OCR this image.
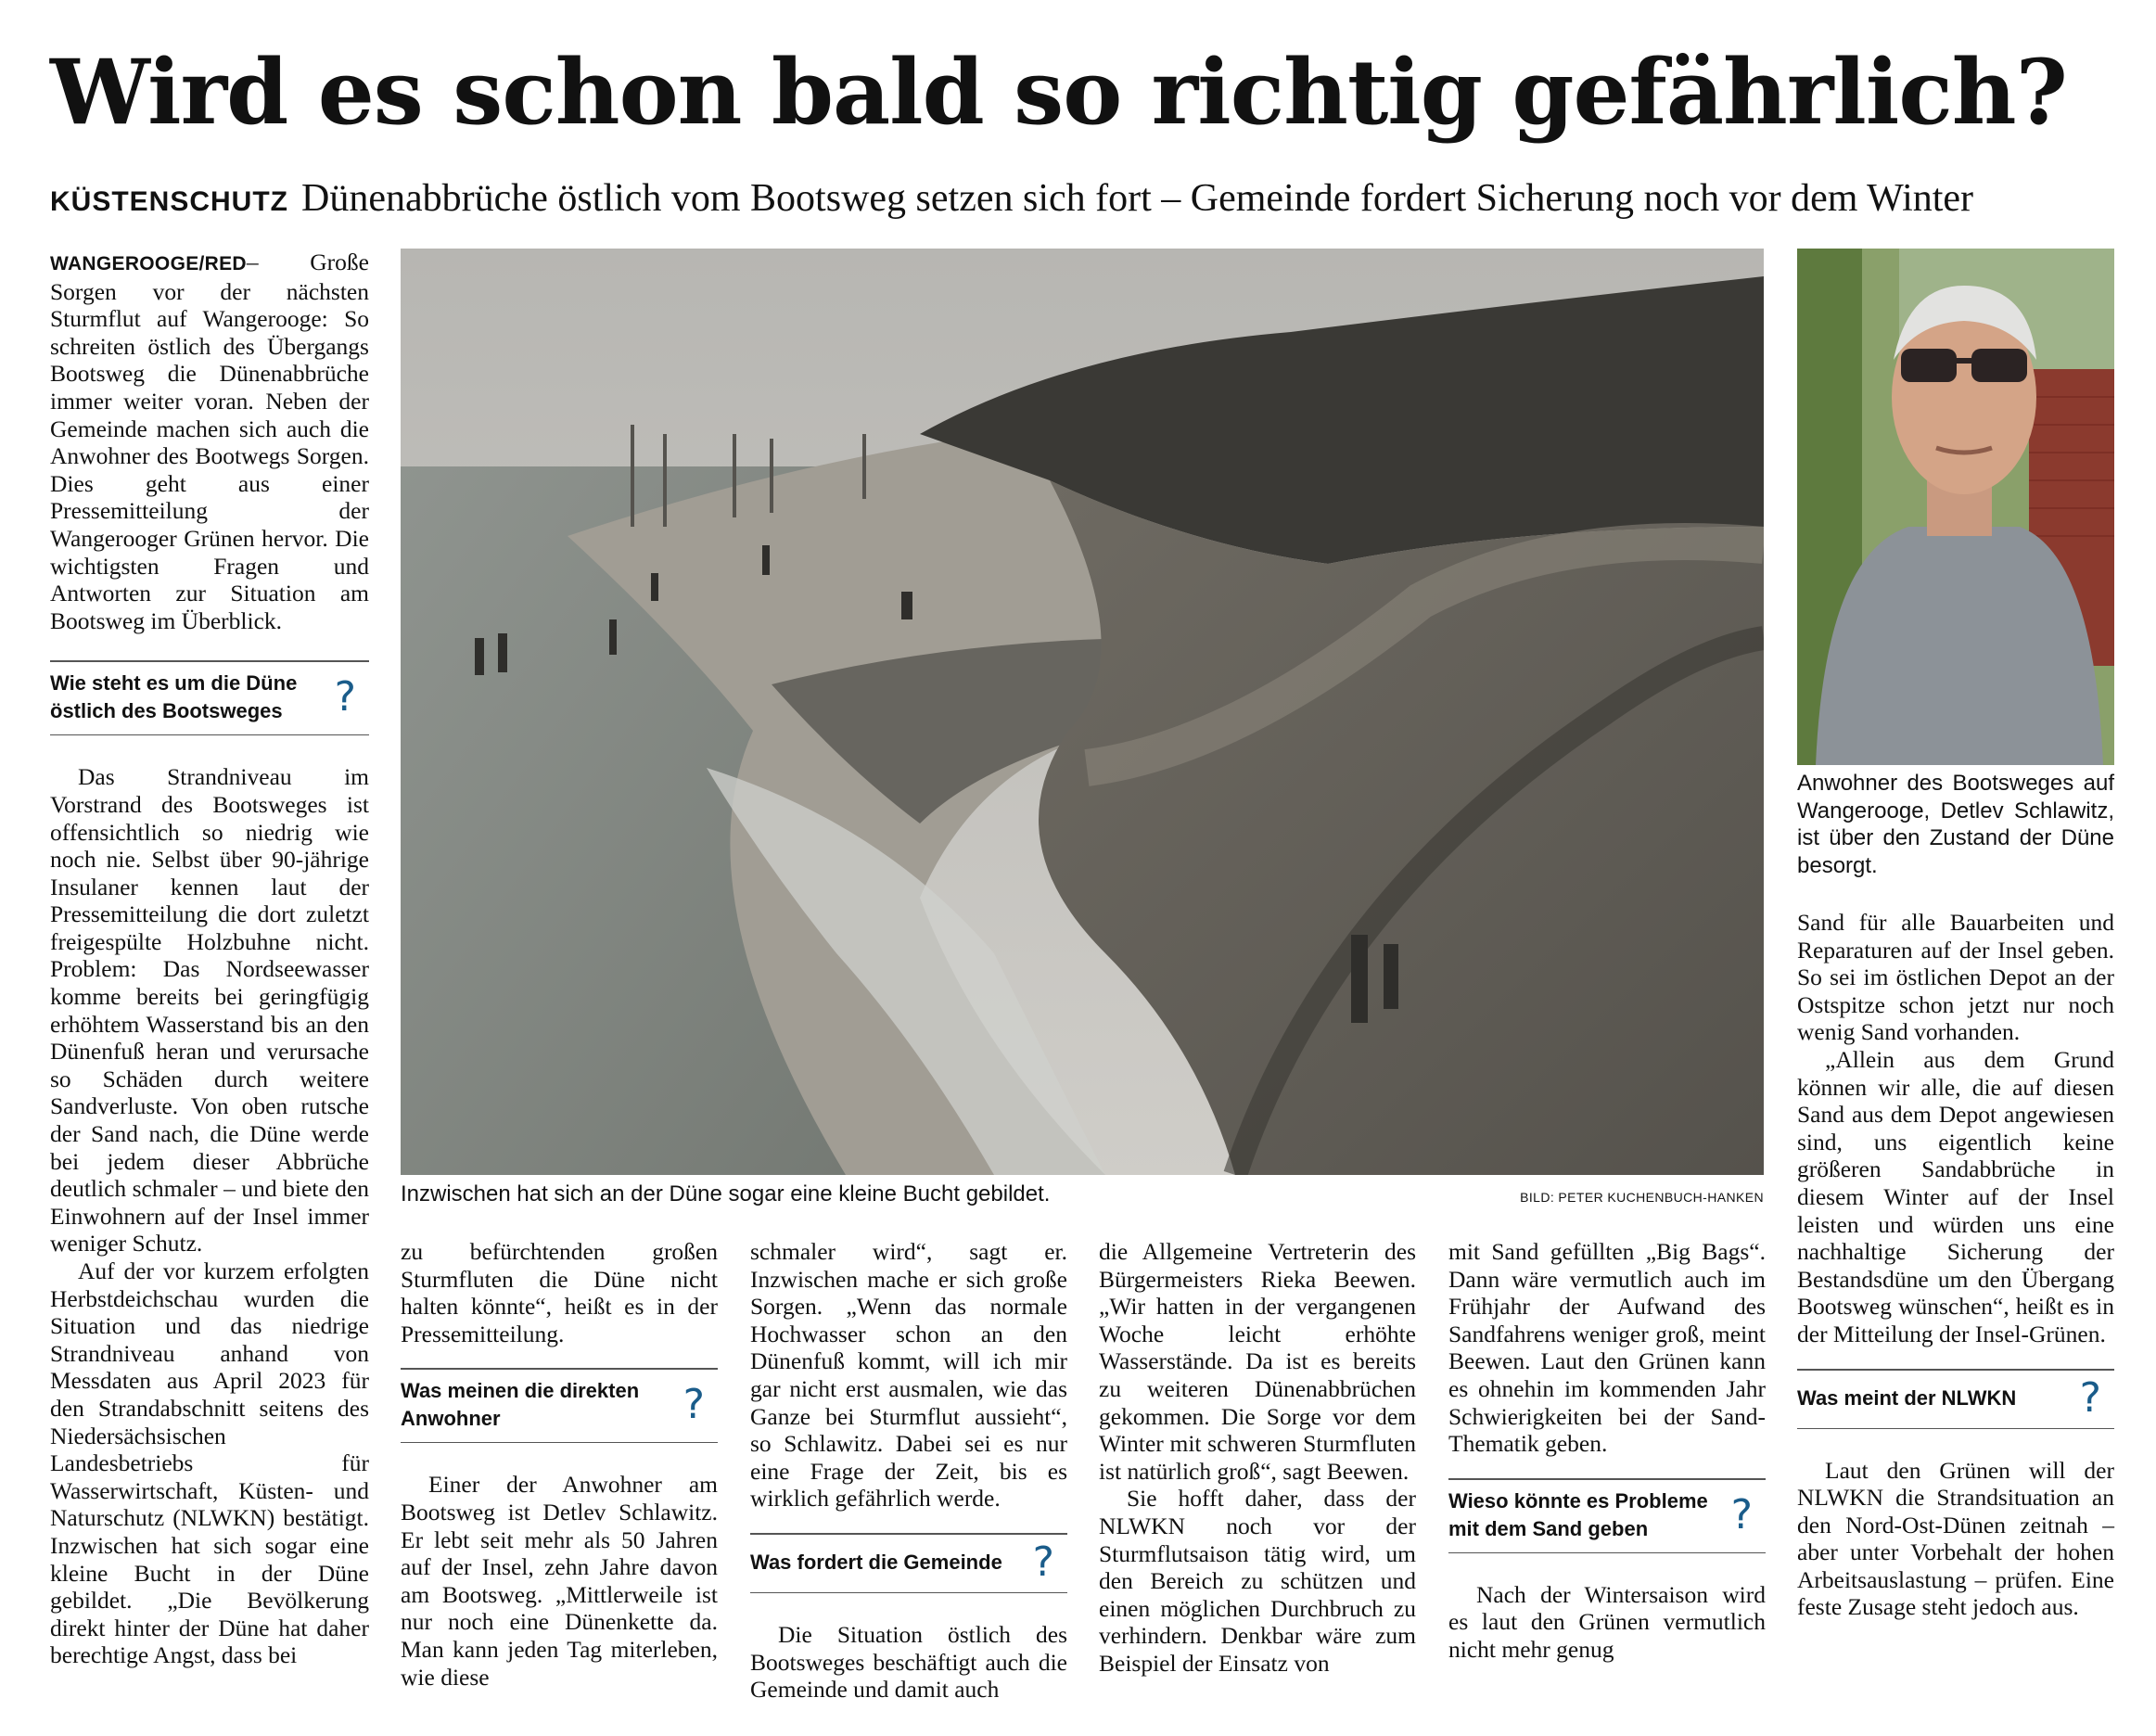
Wird es schon bald so richtig gefährlich?
KÜSTENSCHUTZ Dünenabbrüche östlich vom Bootsweg setzen sich fort – Gemeinde fordert Sicherung noch vor dem Winter

WANGEROOGE/RED– Große Sorgen vor der nächsten Sturmflut auf Wangerooge: So schreiten östlich des Übergangs Bootsweg die Dünenabbrüche immer weiter voran. Neben der Gemeinde machen sich auch die Anwohner des Bootwegs Sorgen. Dies geht aus einer Pressemitteilung der Wangerooger Grünen hervor. Die wichtigsten Fragen und Antworten zur Situation am Bootsweg im Überblick.

Wie steht es um die Düne östlich des Bootsweges	?

Das Strandniveau im Vorstrand des Bootsweges ist offensichtlich so niedrig wie noch nie. Selbst über 90-jährige Insulaner kennen laut der Pressemitteilung die dort zuletzt freigespülte Holzbuhne nicht. Problem: Das Nordseewasser komme bereits bei geringfügig erhöhtem Wasserstand bis an den Dünenfuß heran und verursache so Schäden durch weitere Sandverluste. Von oben rutsche der Sand nach, die Düne werde bei jedem dieser Abbrüche deutlich schmaler – und biete den Einwohnern auf der Insel immer weniger Schutz.

Auf der vor kurzem erfolgten Herbstdeichschau wurden die Situation und das niedrige Strandniveau anhand von Messdaten aus April 2023 für den Strandabschnitt seitens des Niedersächsischen Landesbetriebs für Wasserwirtschaft, Küsten- und Naturschutz (NLWKN) bestätigt. Inzwischen hat sich sogar eine kleine Bucht in der Düne gebildet. „Die Bevölkerung direkt hinter der Düne hat daher berechtige Angst, dass bei

Inzwischen hat sich an der Düne sogar eine kleine Bucht gebildet.	BILD: PETER KUCHENBUCH-HANKEN
Anwohner des Bootsweges auf Wangerooge, Detlev Schlawitz, ist über den Zustand der Düne besorgt.

zu befürchtenden großen Sturmfluten die Düne nicht halten könnte“, heißt es in der Pressemitteilung.

Was meinen die direkten Anwohner	?

Einer der Anwohner am Bootsweg ist Detlev Schlawitz. Er lebt seit mehr als 50 Jahren auf der Insel, zehn Jahre davon am Bootsweg. „Mittlerweile ist nur noch eine Dünenkette da. Man kann jeden Tag miterleben, wie diese

schmaler wird“, sagt er. Inzwischen mache er sich große Sorgen. „Wenn das normale Hochwasser schon an den Dünenfuß kommt, will ich mir gar nicht erst ausmalen, wie das Ganze bei Sturmflut aussieht“, so Schlawitz. Dabei sei es nur eine Frage der Zeit, bis es wirklich gefährlich werde.

Was fordert die Gemeinde ?

Die Situation östlich des Bootsweges beschäftigt auch die Gemeinde und damit auch

die Allgemeine Vertreterin des Bürgermeisters Rieka Beewen. „Wir hatten in der vergangenen Woche leicht erhöhte Wasserstände. Da ist es bereits zu weiteren Dünenabbrüchen gekommen. Die Sorge vor dem Winter mit schweren Sturmfluten ist natürlich groß“, sagt Beewen.

Sie hofft daher, dass der NLWKN noch vor der Sturmflutsaison tätig wird, um den Bereich zu schützen und einen möglichen Durchbruch zu verhindern. Denkbar wäre zum Beispiel der Einsatz von

mit Sand gefüllten „Big Bags“. Dann wäre vermutlich auch im Frühjahr der Aufwand des Sandfahrens weniger groß, meint Beewen. Laut den Grünen kann es ohnehin im kommenden Jahr Schwierigkeiten bei der Sand-Thematik geben.

Wieso könnte es Probleme mit dem Sand geben	?

Nach der Wintersaison wird es laut den Grünen vermutlich nicht mehr genug

Sand für alle Bauarbeiten und Reparaturen auf der Insel geben. So sei im östlichen Depot an der Ostspitze schon jetzt nur noch wenig Sand vorhanden.

„Allein aus dem Grund können wir alle, die auf diesen Sand aus dem Depot angewiesen sind, uns eigentlich keine größeren Sandabbrüche in diesem Winter auf der Insel leisten und würden uns eine nachhaltige Sicherung der Bestandsdüne um den Übergang Bootsweg wünschen“, heißt es in der Mitteilung der Insel-Grünen.

Was meint der NLWKN ?

Laut den Grünen will der NLWKN die Strandsituation an den Nord-Ost-Dünen zeitnah – aber unter Vorbehalt der hohen Arbeitsauslastung – prüfen. Eine feste Zusage steht jedoch aus.
